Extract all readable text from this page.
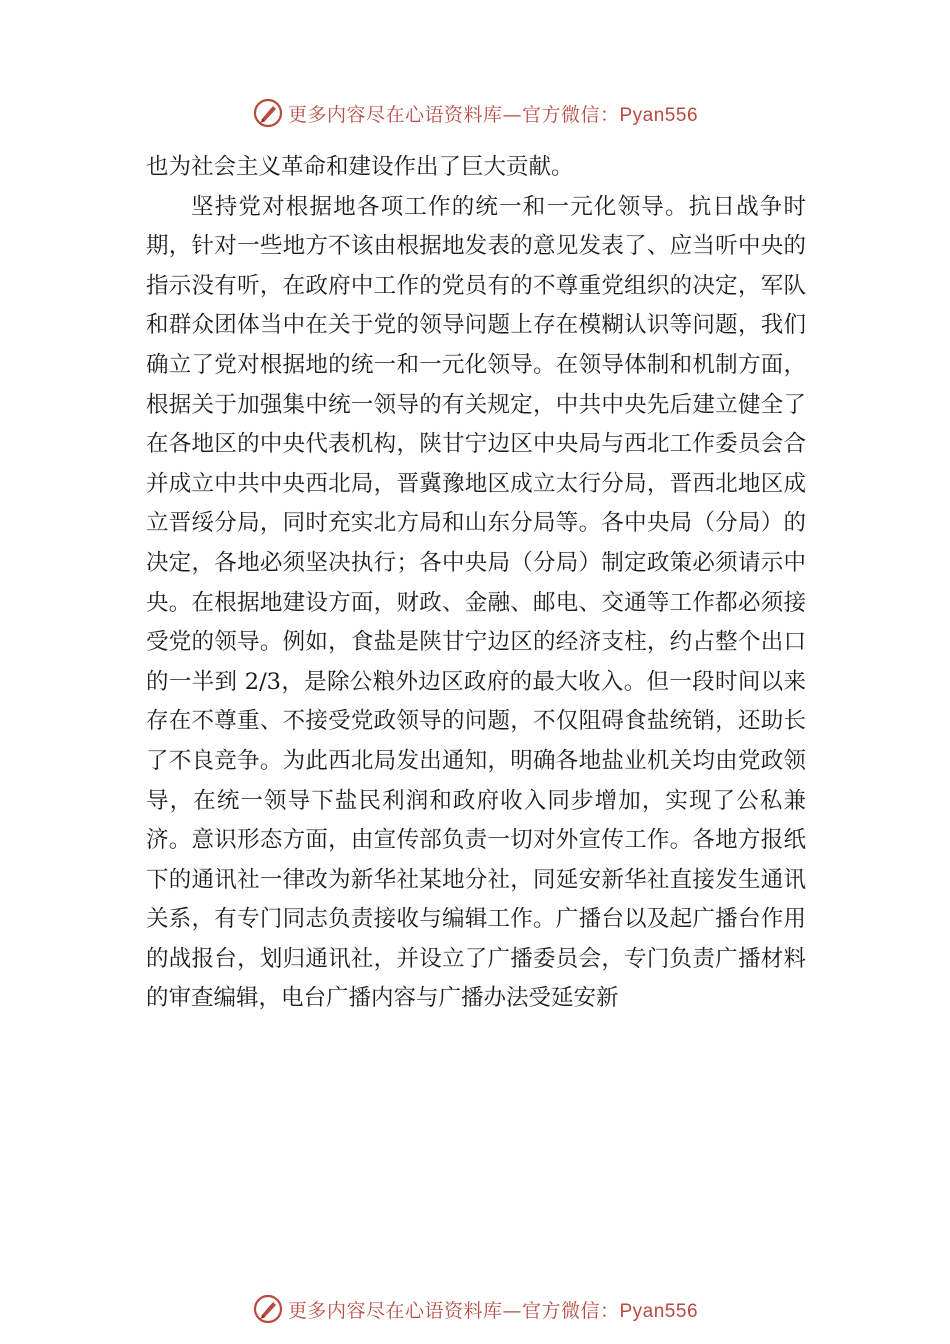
更多内容尽在心语资料库—官方微信：Pyan556

也为社会主义革命和建设作出了巨大贡献。

坚持党对根据地各项工作的统一和一元化领导。抗日战争时期，针对一些地方不该由根据地发表的意见发表了、应当听中央的指示没有听，在政府中工作的党员有的不尊重党组织的决定，军队和群众团体当中在关于党的领导问题上存在模糊认识等问题，我们确立了党对根据地的统一和一元化领导。在领导体制和机制方面，根据关于加强集中统一领导的有关规定，中共中央先后建立健全了在各地区的中央代表机构，陕甘宁边区中央局与西北工作委员会合并成立中共中央西北局，晋冀豫地区成立太行分局，晋西北地区成立晋绥分局，同时充实北方局和山东分局等。各中央局（分局）的决定，各地必须坚决执行；各中央局（分局）制定政策必须请示中央。在根据地建设方面，财政、金融、邮电、交通等工作都必须接受党的领导。例如，食盐是陕甘宁边区的经济支柱，约占整个出口的一半到 2/3，是除公粮外边区政府的最大收入。但一段时间以来存在不尊重、不接受党政领导的问题，不仅阻碍食盐统销，还助长了不良竞争。为此西北局发出通知，明确各地盐业机关均由党政领导，在统一领导下盐民利润和政府收入同步增加，实现了公私兼济。意识形态方面，由宣传部负责一切对外宣传工作。各地方报纸下的通讯社一律改为新华社某地分社，同延安新华社直接发生通讯关系，有专门同志负责接收与编辑工作。广播台以及起广播台作用的战报台，划归通讯社，并设立了广播委员会，专门负责广播材料的审查编辑，电台广播内容与广播办法受延安新

更多内容尽在心语资料库—官方微信：Pyan556
